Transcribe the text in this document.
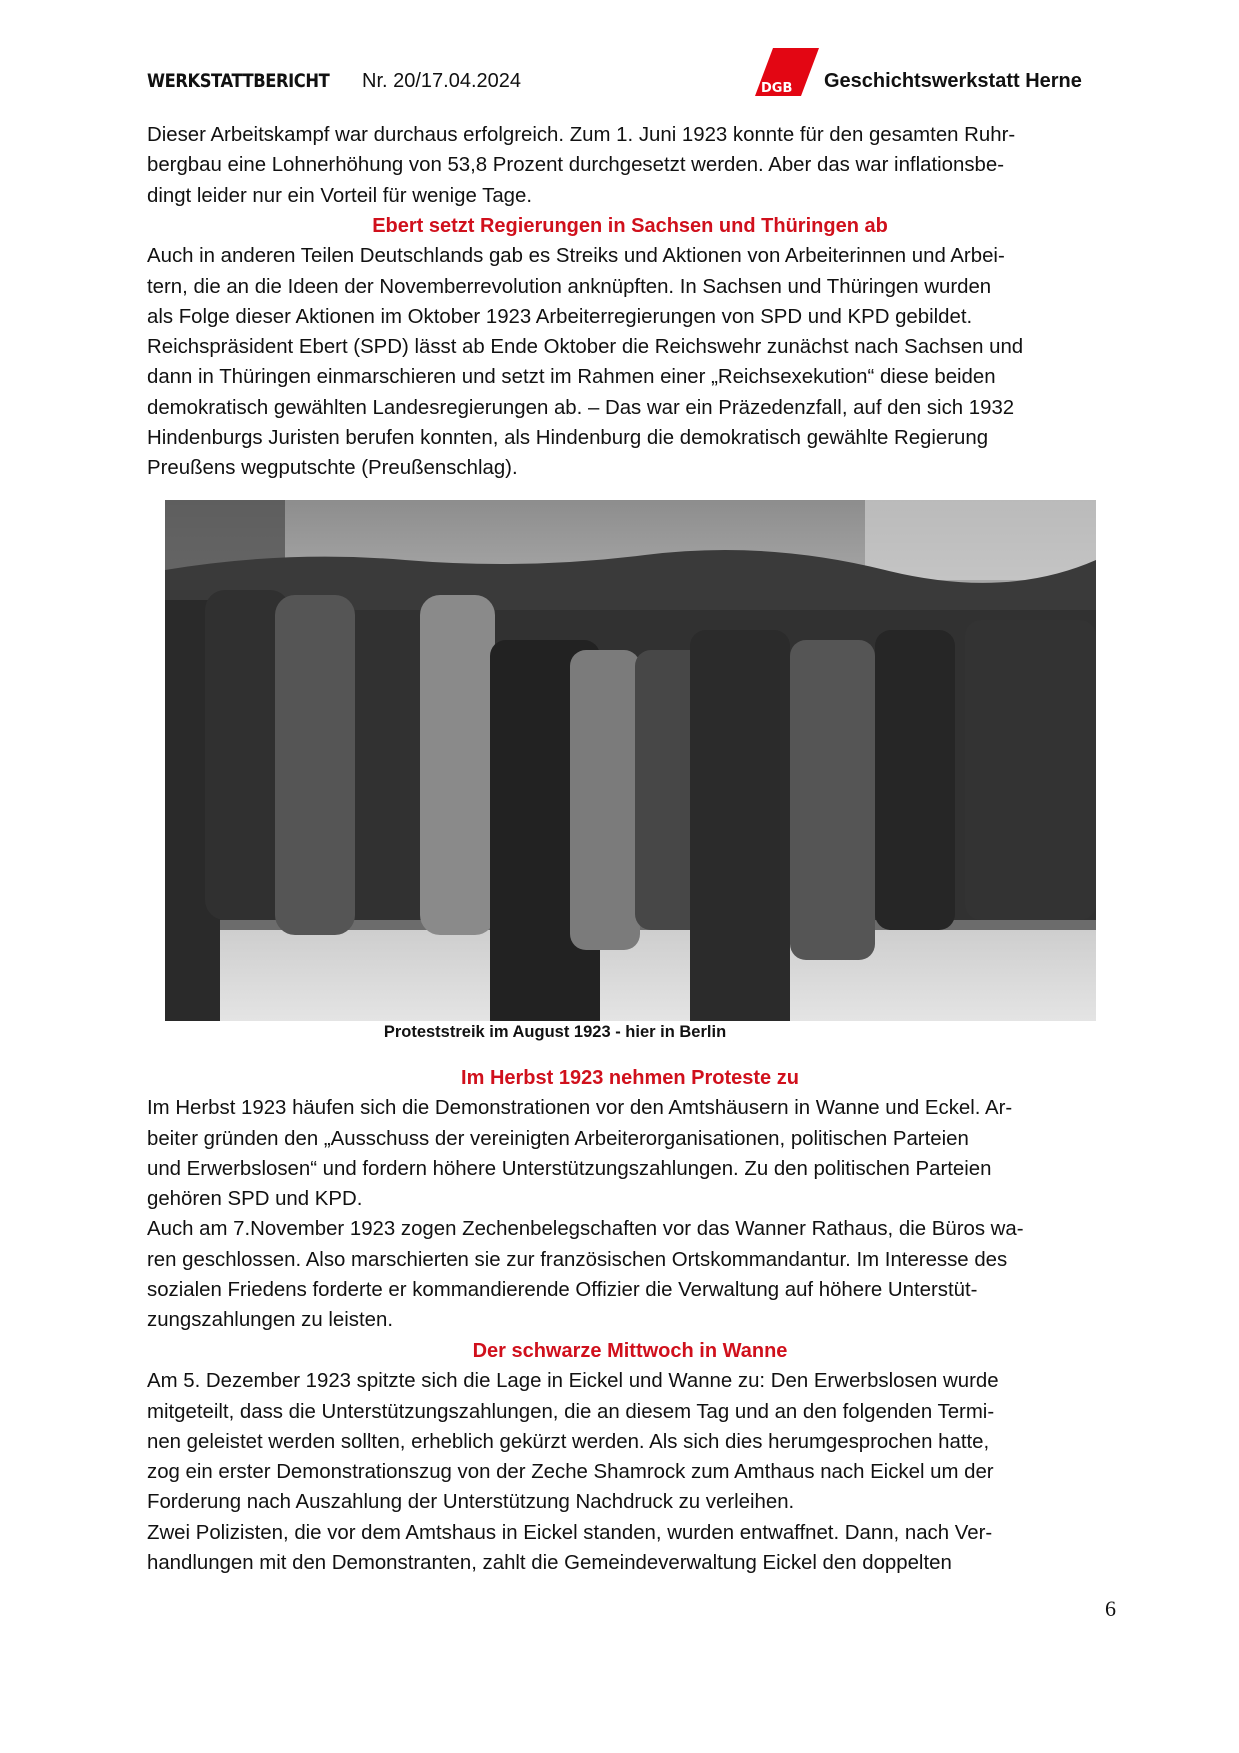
WERKSTATTBERICHT Nr. 20/17.04.2024	DGB Geschichtswerkstatt Herne

Dieser Arbeitskampf war durchaus erfolgreich. Zum 1. Juni 1923 konnte für den gesamten Ruhr-
bergbau eine Lohnerhöhung von 53,8 Prozent durchgesetzt werden. Aber das war inflationsbe-
dingt leider nur ein Vorteil für wenige Tage.

Ebert setzt Regierungen in Sachsen und Thüringen ab

Auch in anderen Teilen Deutschlands gab es Streiks und Aktionen von Arbeiterinnen und Arbei-
tern, die an die Ideen der Novemberrevolution anknüpften. In Sachsen und Thüringen wurden
als Folge dieser Aktionen im Oktober 1923 Arbeiterregierungen von SPD und KPD gebildet.
Reichspräsident Ebert (SPD) lässt ab Ende Oktober die Reichswehr zunächst nach Sachsen und
dann in Thüringen einmarschieren und setzt im Rahmen einer „Reichsexekution“ diese beiden
demokratisch gewählten Landesregierungen ab. – Das war ein Präzedenzfall, auf den sich 1932
Hindenburgs Juristen berufen konnten, als Hindenburg die demokratisch gewählte Regierung
Preußens wegputschte (Preußenschlag).

Proteststreik im August 1923 - hier in Berlin
Im Herbst 1923 nehmen Proteste zu

Im Herbst 1923 häufen sich die Demonstrationen vor den Amtshäusern in Wanne und Eckel. Ar-
beiter gründen den „Ausschuss der vereinigten Arbeiterorganisationen, politischen Parteien
und Erwerbslosen“ und fordern höhere Unterstützungszahlungen. Zu den politischen Parteien
gehören SPD und KPD.
Auch am 7.November 1923 zogen Zechenbelegschaften vor das Wanner Rathaus, die Büros wa-
ren geschlossen. Also marschierten sie zur französischen Ortskommandantur. Im Interesse des
sozialen Friedens forderte er kommandierende Offizier die Verwaltung auf höhere Unterstüt-
zungszahlungen zu leisten.

Der schwarze Mittwoch in Wanne

Am 5. Dezember 1923 spitzte sich die Lage in Eickel und Wanne zu: Den Erwerbslosen wurde
mitgeteilt, dass die Unterstützungszahlungen, die an diesem Tag und an den folgenden Termi-
nen geleistet werden sollten, erheblich gekürzt werden. Als sich dies herumgesprochen hatte,
zog ein erster Demonstrationszug von der Zeche Shamrock zum Amthaus nach Eickel um der
Forderung nach Auszahlung der Unterstützung Nachdruck zu verleihen.
Zwei Polizisten, die vor dem Amtshaus in Eickel standen, wurden entwaffnet. Dann, nach Ver-
handlungen mit den Demonstranten, zahlt die Gemeindeverwaltung Eickel den doppelten

6
